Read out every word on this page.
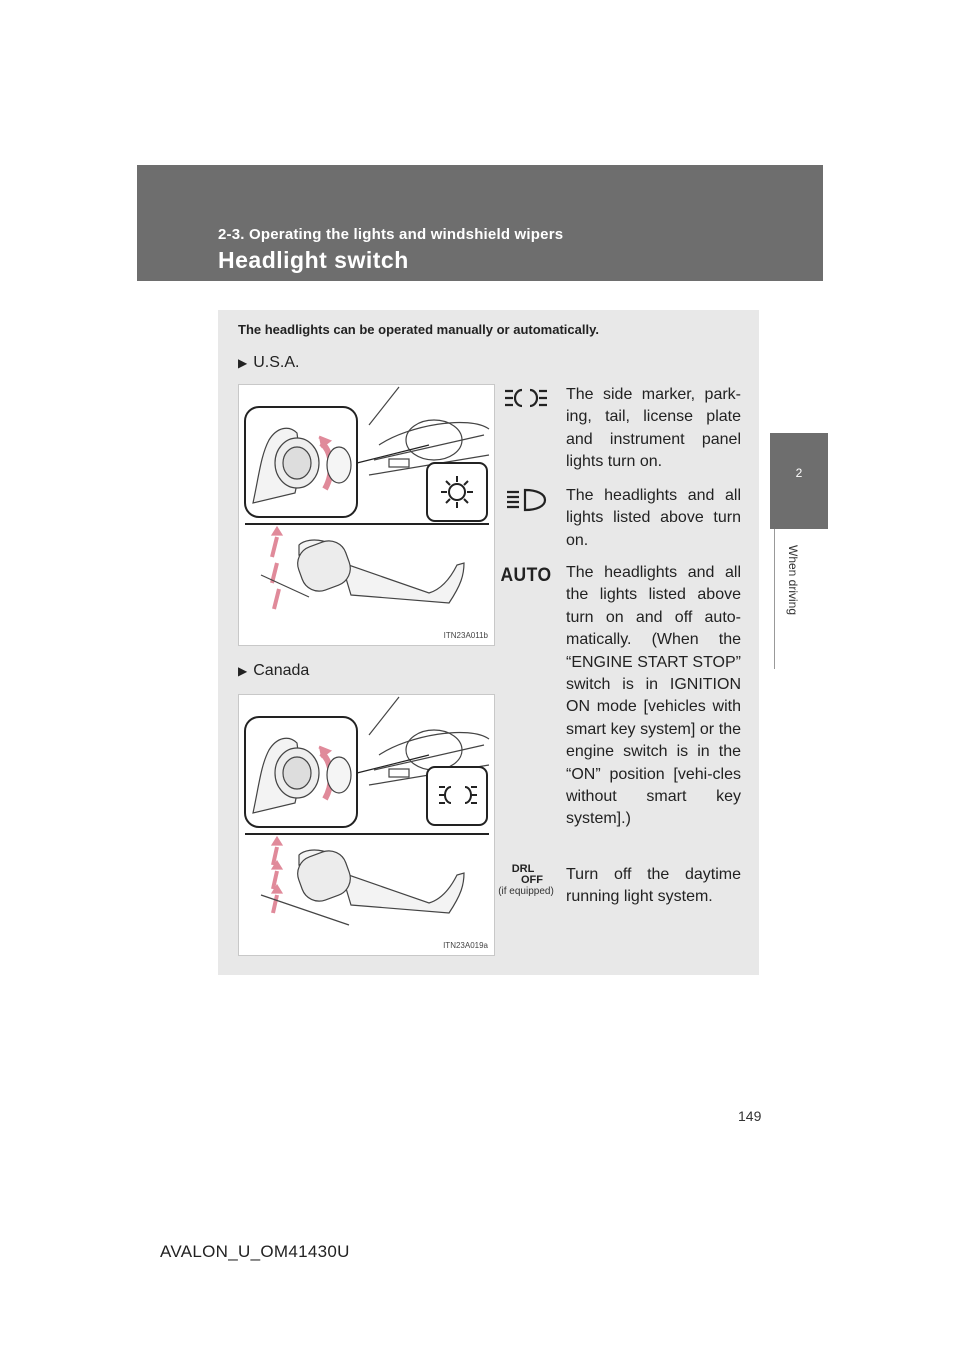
2-3. Operating the lights and windshield wipers
Headlight switch
2
When driving
The headlights can be operated manually or automatically.
▶ U.S.A.
ITN23A011b
▶ Canada
ITN23A019a
The side marker, park-ing, tail, license plate and instrument panel lights turn on.
The headlights and all lights listed above turn on.
AUTO The headlights and all the lights listed above turn on and off auto-matically. (When the “ENGINE START STOP” switch is in IGNITION ON mode [vehicles with smart key system] or the engine switch is in the “ON” position [vehi-cles without smart key system].)
DRL
OFF
(if equipped)
Turn off the daytime running light system.
149
AVALON_U_OM41430U
